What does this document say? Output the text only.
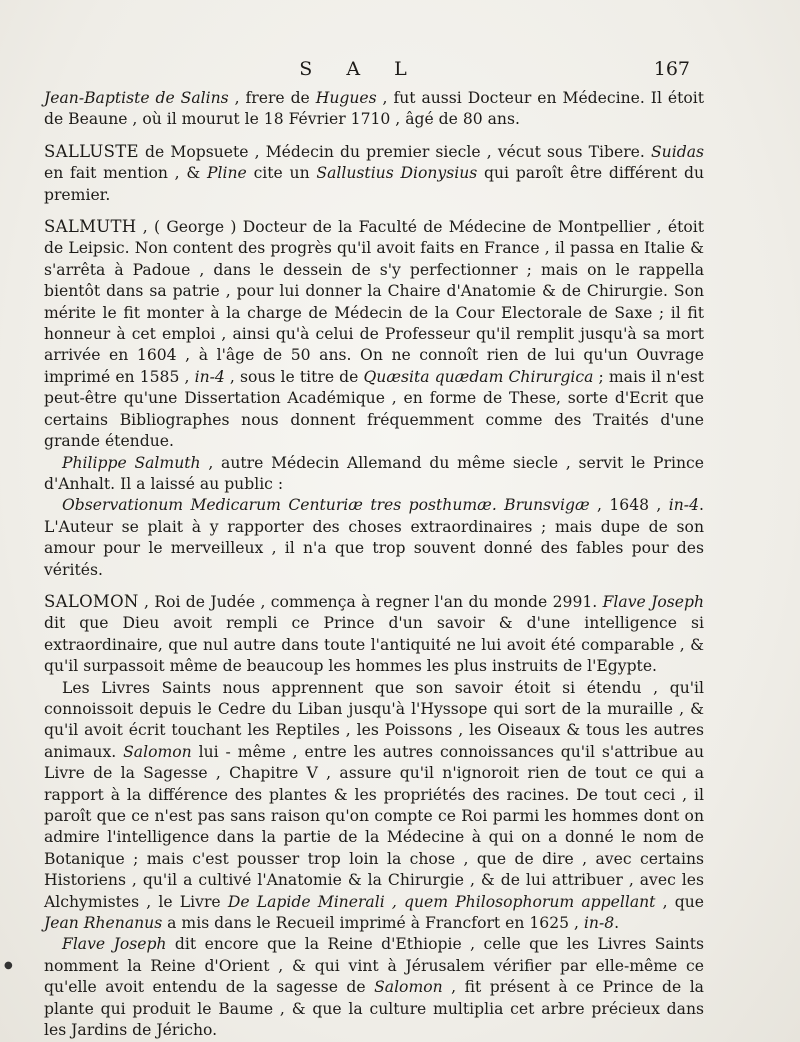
S A L	167

Jean-Baptiste de Salins , frere de Hugues , fut aussi Docteur en Médecine. Il étoit de Beaune , où il mourut le 18 Février 1710 , âgé de 80 ans.

SALLUSTE de Mopsuete , Médecin du premier siecle , vécut sous Tibere. Suidas en fait mention , & Pline cite un Sallustius Dionysius qui paroît être différent du premier.

SALMUTH , ( George ) Docteur de la Faculté de Médecine de Montpellier , étoit de Leipsic. Non content des progrès qu'il avoit faits en France , il passa en Italie & s'arrêta à Padoue , dans le dessein de s'y perfectionner ; mais on le rappella bientôt dans sa patrie , pour lui donner la Chaire d'Anatomie & de Chirurgie. Son mérite le fit monter à la charge de Médecin de la Cour Electorale de Saxe ; il fit honneur à cet emploi , ainsi qu'à celui de Professeur qu'il remplit jusqu'à sa mort arrivée en 1604 , à l'âge de 50 ans. On ne connoît rien de lui qu'un Ouvrage imprimé en 1585 , in-4 , sous le titre de Quæsita quædam Chirurgica ; mais il n'est peut-être qu'une Dissertation Académique , en forme de These, sorte d'Ecrit que certains Bibliographes nous donnent fréquemment comme des Traités d'une grande étendue.

Philippe Salmuth , autre Médecin Allemand du même siecle , servit le Prince d'Anhalt. Il a laissé au public :

Observationum Medicarum Centuriæ tres posthumæ. Brunsvigæ , 1648 , in-4. L'Auteur se plait à y rapporter des choses extraordinaires ; mais dupe de son amour pour le merveilleux , il n'a que trop souvent donné des fables pour des vérités.

SALOMON , Roi de Judée , commença à regner l'an du monde 2991. Flave Joseph dit que Dieu avoit rempli ce Prince d'un savoir & d'une intelligence si extraordinaire, que nul autre dans toute l'antiquité ne lui avoit été comparable , & qu'il surpassoit même de beaucoup les hommes les plus instruits de l'Egypte.

Les Livres Saints nous apprennent que son savoir étoit si étendu , qu'il connoissoit depuis le Cedre du Liban jusqu'à l'Hyssope qui sort de la muraille , & qu'il avoit écrit touchant les Reptiles , les Poissons , les Oiseaux & tous les autres animaux. Salomon lui - même , entre les autres connoissances qu'il s'attribue au Livre de la Sagesse , Chapitre V , assure qu'il n'ignoroit rien de tout ce qui a rapport à la différence des plantes & les propriétés des racines. De tout ceci , il paroît que ce n'est pas sans raison qu'on compte ce Roi parmi les hommes dont on admire l'intelligence dans la partie de la Médecine à qui on a donné le nom de Botanique ; mais c'est pousser trop loin la chose , que de dire , avec certains Historiens , qu'il a cultivé l'Anatomie & la Chirurgie , & de lui attribuer , avec les Alchymistes , le Livre De Lapide Minerali , quem Philosophorum appellant , que Jean Rhenanus a mis dans le Recueil imprimé à Francfort en 1625 , in-8.

Flave Joseph dit encore que la Reine d'Ethiopie , celle que les Livres Saints nomment la Reine d'Orient , & qui vint à Jérusalem vérifier par elle-même ce qu'elle avoit entendu de la sagesse de Salomon , fit présent à ce Prince de la plante qui produit le Baume , & que la culture multiplia cet arbre précieux dans les Jardins de Jéricho.

●
